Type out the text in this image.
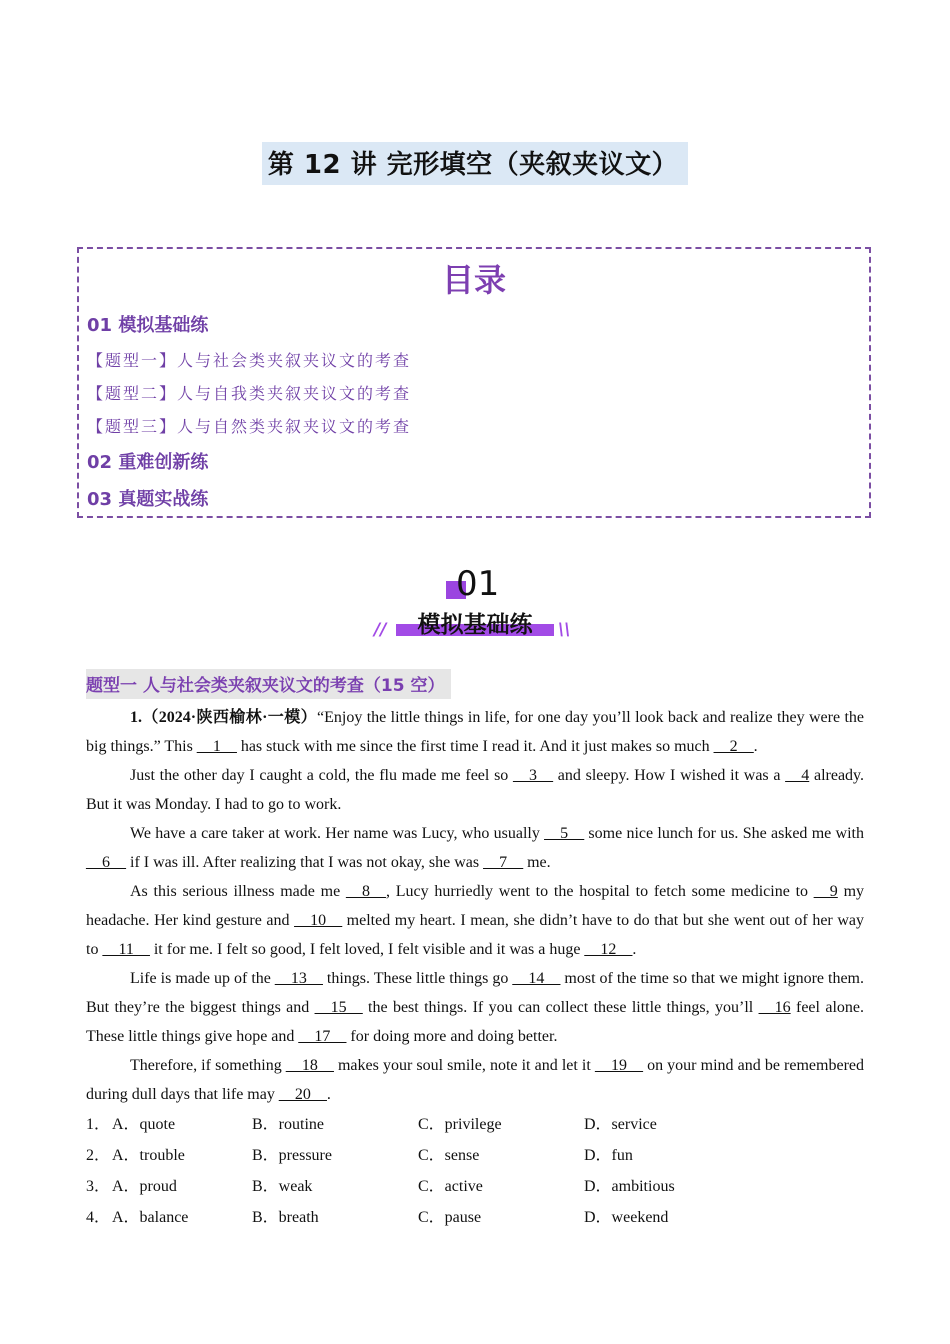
第 12 讲 完形填空（夹叙夹议文）
目录
01 模拟基础练
【题型一】人与社会类夹叙夹议文的考查
【题型二】人与自我类夹叙夹议文的考查
【题型三】人与自然类夹叙夹议文的考查
02 重难创新练
03 真题实战练
01
模拟基础练
//	\\
题型一 人与社会类夹叙夹议文的考查（15 空）

1.（2024·陕西榆林·一模）“Enjoy the little things in life, for one day you’ll look back and realize they were the big things.” This __1__ has stuck with me since the first time I read it. And it just makes so much __2__.

Just the other day I caught a cold, the flu made me feel so __3__ and sleepy. How I wished it was a __4 already. But it was Monday. I had to go to work.

We have a care taker at work. Her name was Lucy, who usually __5__ some nice lunch for us. She asked me with __6__ if I was ill. After realizing that I was not okay, she was __7__ me.

As this serious illness made me __8__, Lucy hurriedly went to the hospital to fetch some medicine to __9 my headache. Her kind gesture and __10__ melted my heart. I mean, she didn’t have to do that but she went out of her way to __11__ it for me. I felt so good, I felt loved, I felt visible and it was a huge __12__.

Life is made up of the __13__ things. These little things go __14__ most of the time so that we might ignore them. But they’re the biggest things and __15__ the best things. If you can collect these little things, you’ll __16 feel alone. These little things give hope and __17__ for doing more and doing better.

Therefore, if something __18__ makes your soul smile, note it and let it __19__ on your mind and be remembered during dull days that life may __20__.

1． A．quote	B．routine	C．privilege	D．service
2． A．trouble	B．pressure	C．sense	D．fun
3． A．proud	B．weak	C．active	D．ambitious
4． A．balance	B．breath	C．pause	D．weekend
